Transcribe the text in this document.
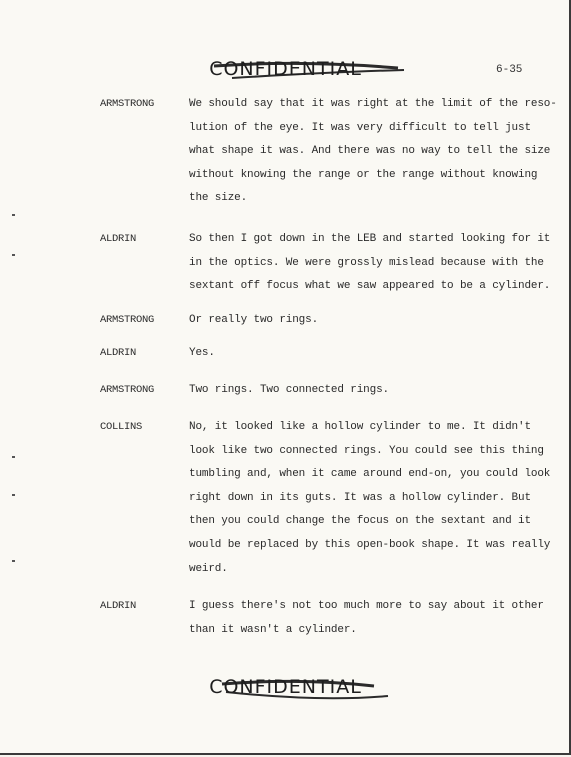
CONFIDENTIAL	6-35
ARMSTRONG	We should say that it was right at the limit of the reso-
lution of the eye. It was very difficult to tell just
what shape it was. And there was no way to tell the size
without knowing the range or the range without knowing
the size.
ALDRIN	So then I got down in the LEB and started looking for it
in the optics. We were grossly mislead because with the
sextant off focus what we saw appeared to be a cylinder.
ARMSTRONG	Or really two rings.
ALDRIN	Yes.
ARMSTRONG	Two rings. Two connected rings.
COLLINS	No, it looked like a hollow cylinder to me. It didn't
look like two connected rings. You could see this thing
tumbling and, when it came around end-on, you could look
right down in its guts. It was a hollow cylinder. But
then you could change the focus on the sextant and it
would be replaced by this open-book shape. It was really
weird.
ALDRIN	I guess there's not too much more to say about it other
than it wasn't a cylinder.
CONFIDENTIAL
